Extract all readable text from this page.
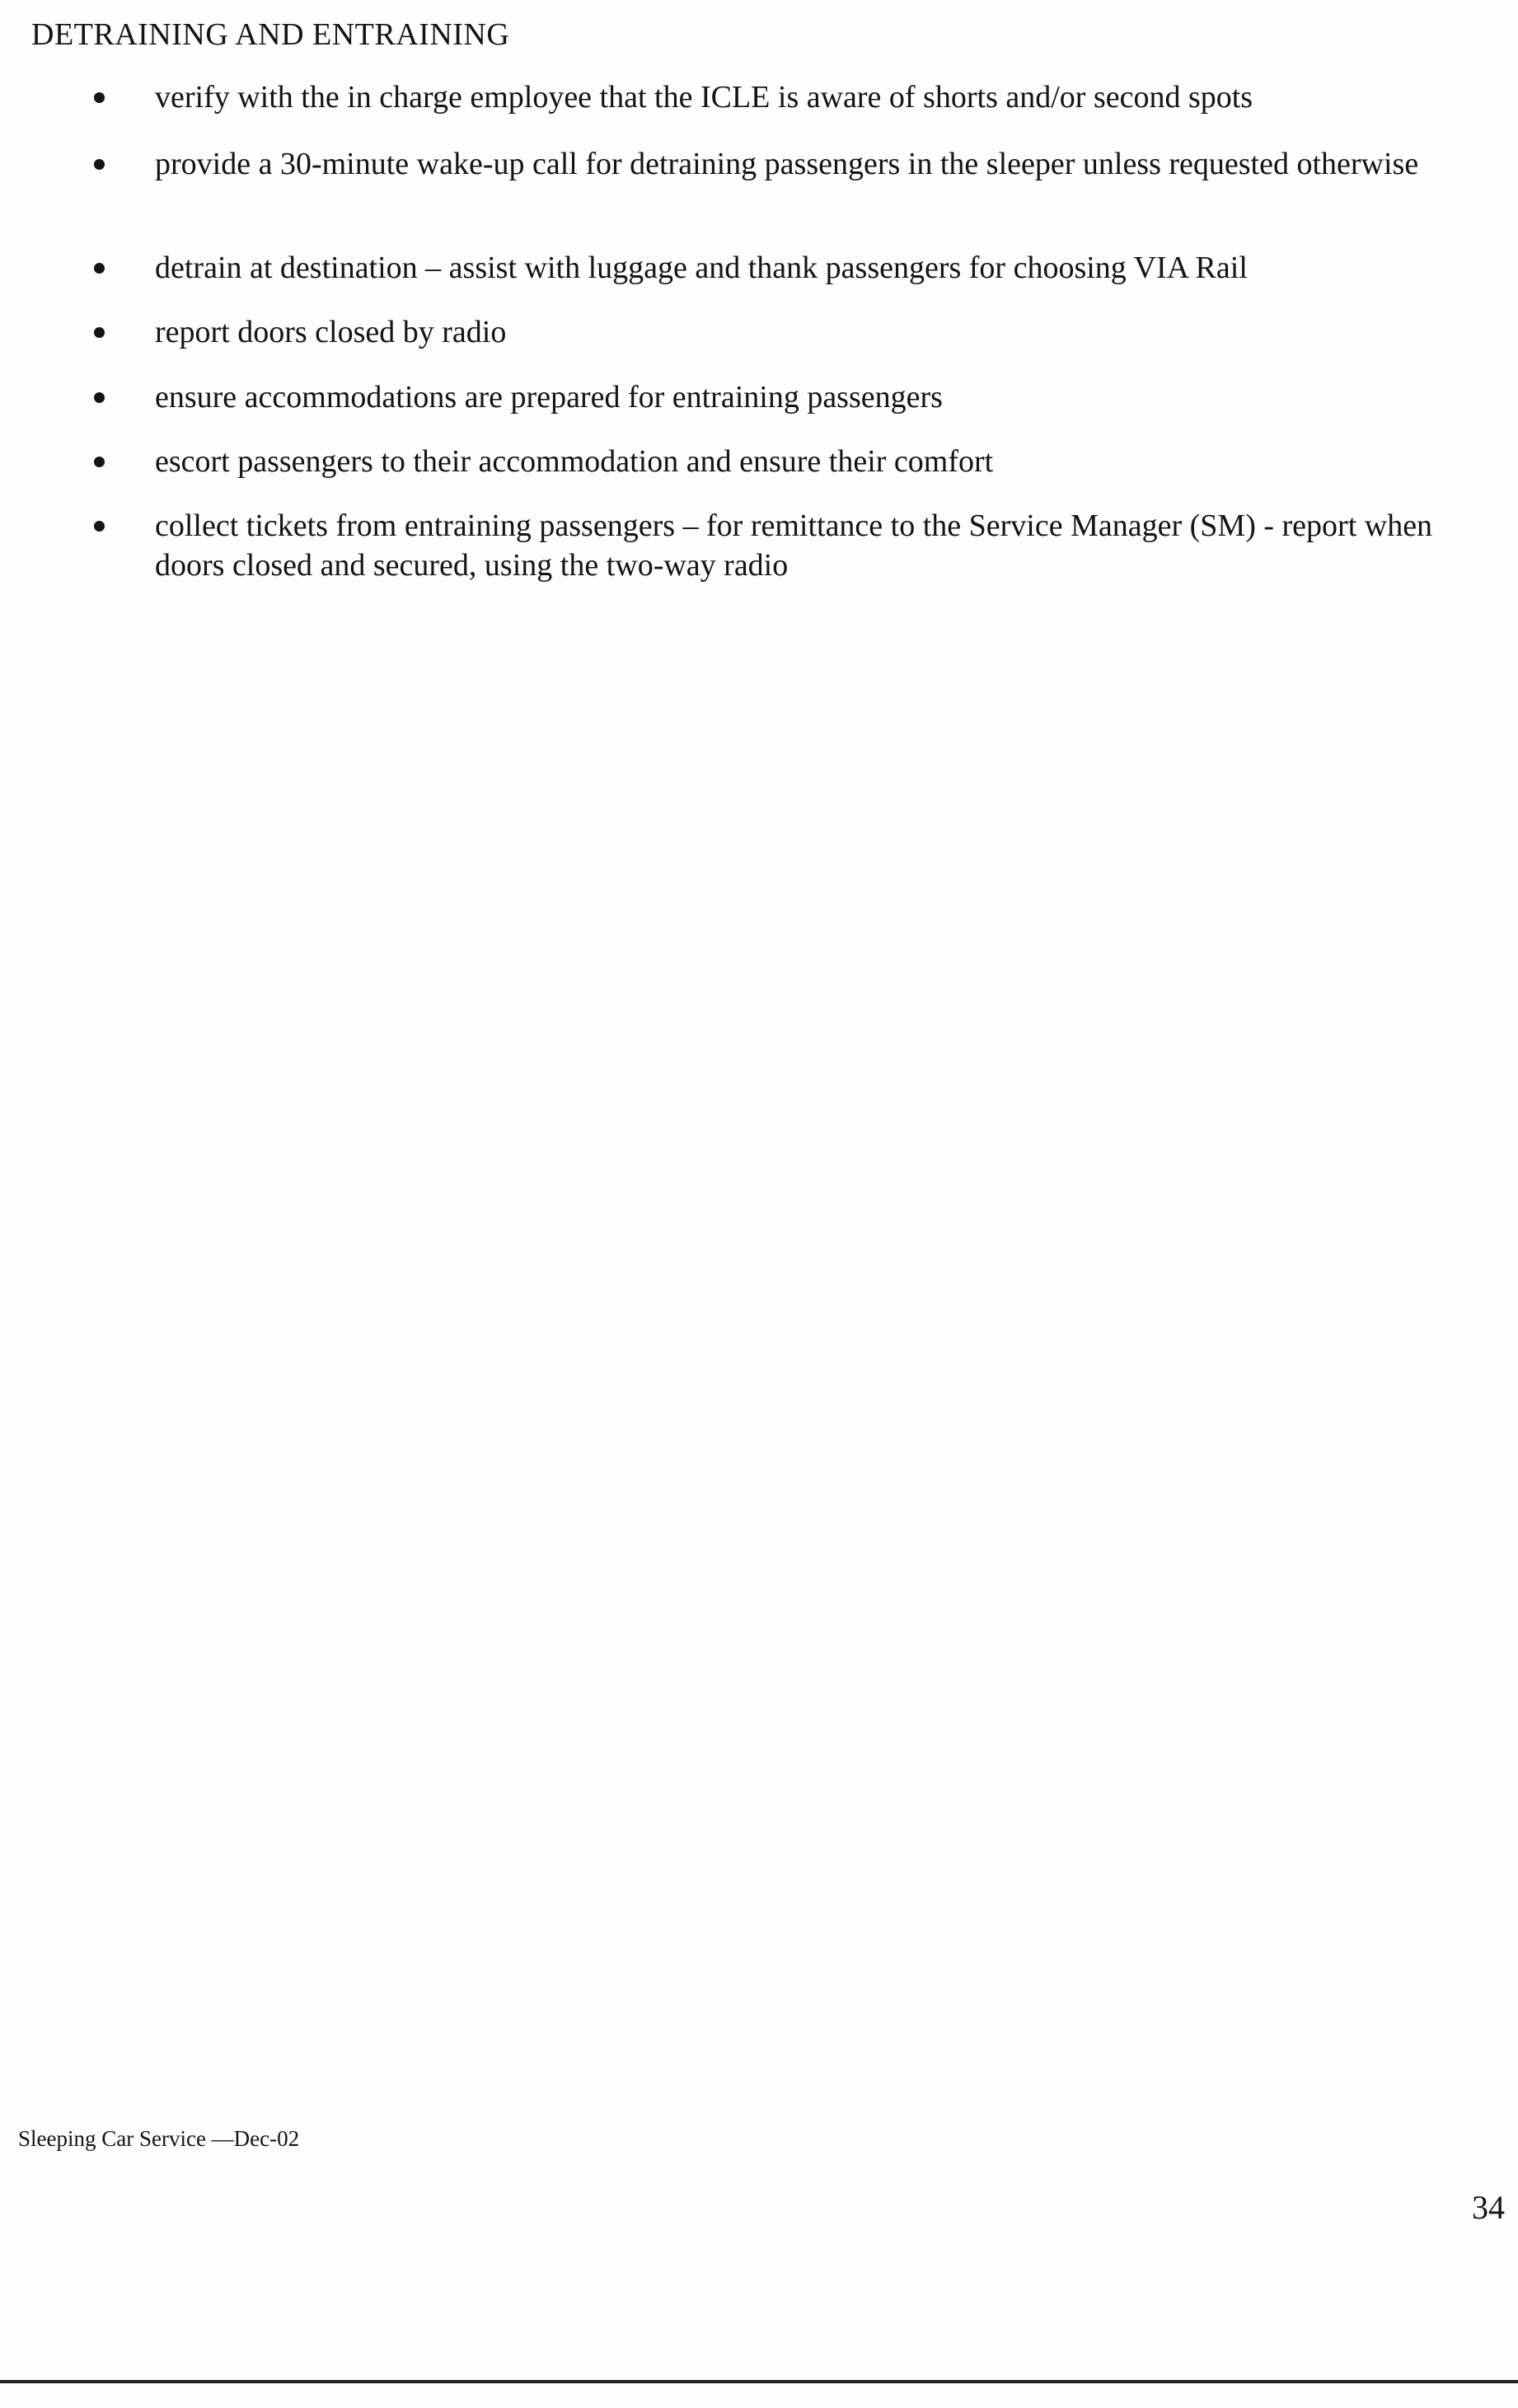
DETRAINING AND ENTRAINING
verify with the in charge employee that the ICLE is aware of shorts and/or second spots
provide a 30-minute wake-up call for detraining passengers in the sleeper unless requested otherwise
detrain at destination – assist with luggage and thank passengers for choosing VIA Rail
report doors closed by radio
ensure accommodations are prepared for entraining passengers
escort passengers to their accommodation and ensure their comfort
collect tickets from entraining passengers – for remittance to the Service Manager (SM) - report when doors closed and secured, using the two-way radio
Sleeping Car Service —Dec-02
34
